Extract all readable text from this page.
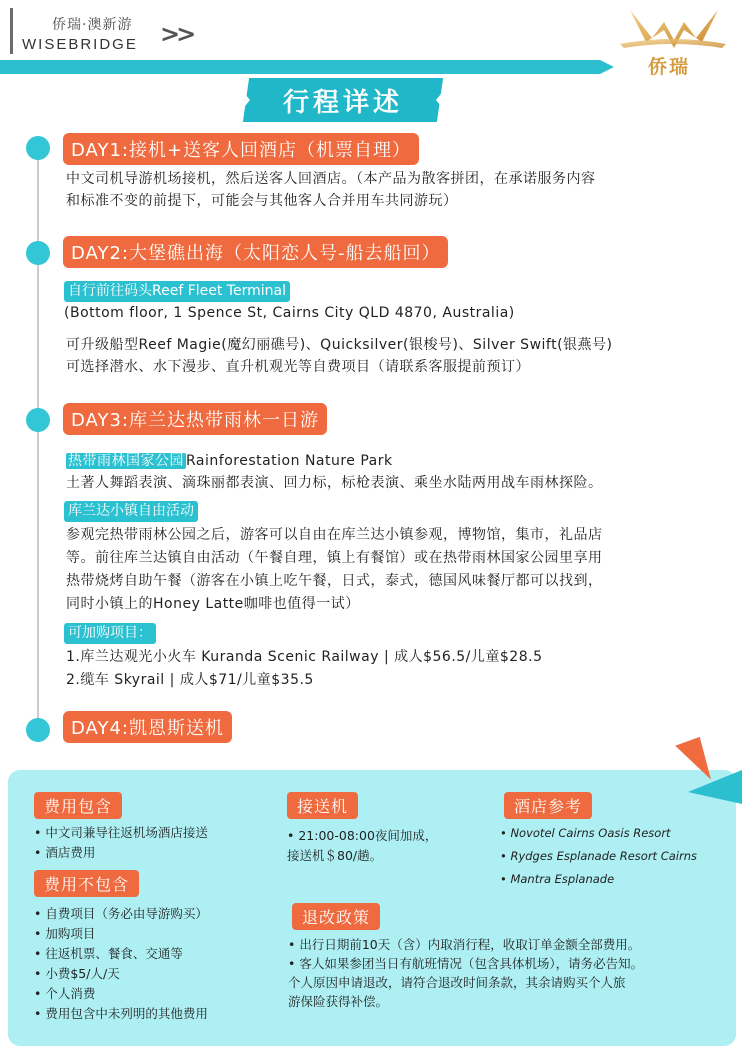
侨瑞·澳新游
WISEBRIDGE >>
侨瑞
行程详述
DAY1:接机+送客人回酒店（机票自理）
中文司机导游机场接机，然后送客人回酒店。（本产品为散客拼团，在承诺服务内容
和标准不变的前提下，可能会与其他客人合并用车共同游玩）
DAY2:大堡礁出海（太阳恋人号-船去船回）
自行前往码头Reef Fleet Terminal
(Bottom floor, 1 Spence St, Cairns City QLD 4870, Australia)
可升级船型Reef Magie(魔幻丽礁号)、Quicksilver(银梭号)、Silver Swift(银燕号)
可选择潜水、水下漫步、直升机观光等自费项目（请联系客服提前预订）
DAY3:库兰达热带雨林一日游
热带雨林国家公园 Rainforestation Nature Park
土著人舞蹈表演、滴珠丽都表演、回力标，标枪表演、乘坐水陆两用战车雨林探险。
库兰达小镇自由活动
参观完热带雨林公园之后，游客可以自由在库兰达小镇参观，博物馆，集市，礼品店
等。前往库兰达镇自由活动（午餐自理，镇上有餐馆）或在热带雨林国家公园里享用
热带烧烤自助午餐（游客在小镇上吃午餐，日式，泰式，德国风味餐厅都可以找到，
同时小镇上的Honey Latte咖啡也值得一试）
可加购项目：
1.库兰达观光小火车 Kuranda Scenic Railway | 成人$56.5/儿童$28.5
2.缆车 Skyrail | 成人$71/儿童$35.5
DAY4:凯恩斯送机
费用包含
• 中文司兼导往返机场酒店接送
• 酒店费用
费用不包含
• 自费项目（务必由导游购买）
• 加购项目
• 往返机票、餐食、交通等
• 小费$5/人/天
• 个人消费
• 费用包含中未列明的其他费用
接送机
• 21:00-08:00夜间加成，
接送机＄80/趟。
酒店参考
• Novotel Cairns Oasis Resort
• Rydges Esplanade Resort Cairns
• Mantra Esplanade
退改政策
• 出行日期前10天（含）内取消行程，收取订单金额全部费用。
• 客人如果参团当日有航班情况（包含具体机场），请务必告知。
个人原因申请退改，请符合退改时间条款，其余请购买个人旅
游保险获得补偿。
